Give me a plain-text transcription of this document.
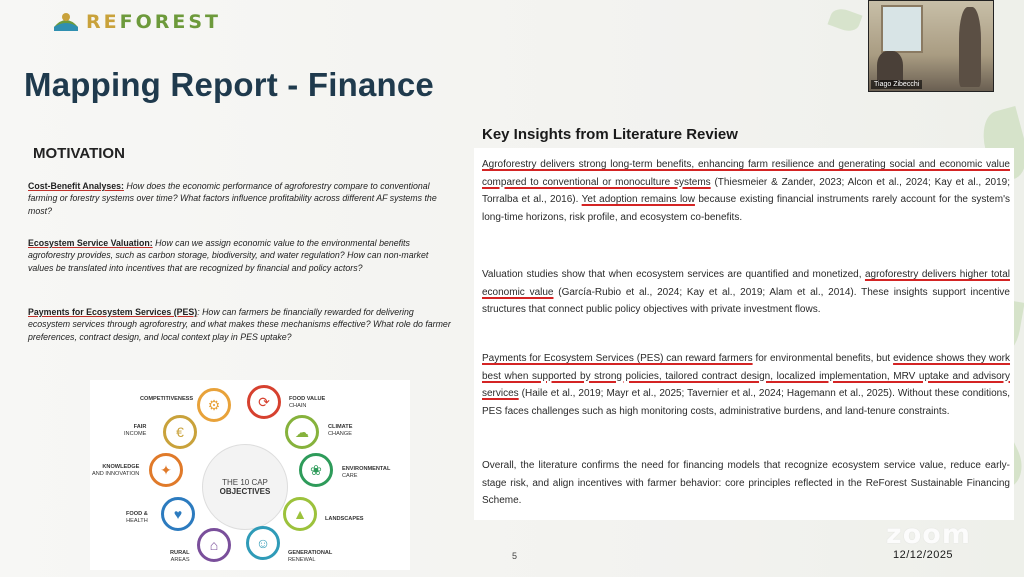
REFOREST
Mapping Report - Finance
MOTIVATION
Cost-Benefit Analyses: How does the economic performance of agroforestry compare to conventional farming or forestry systems over time? What factors influence profitability across different AF systems the most?
Ecosystem Service Valuation: How can we assign economic value to the environmental benefits agroforestry provides, such as carbon storage, biodiversity, and water regulation? How can non-market values be translated into incentives that are recognized by financial and policy actors?
Payments for Ecosystem Services (PES): How can farmers be financially rewarded for delivering ecosystem services through agroforestry, and what makes these mechanisms effective? What role do farmer preferences, contract design, and local context play in PES uptake?
THE 10 CAP
OBJECTIVES
⚙
COMPETITIVENESS	⟳	FOOD VALUE
CHAIN
☁	CLIMATE
CHANGE
❀	ENVIRONMENTAL
CARE
▲	LANDSCAPES
☺
GENERATIONAL
RENEWAL
⌂
RURAL
AREAS
♥
FOOD &
HEALTH
✦
KNOWLEDGE
AND INNOVATION
€
FAIR
INCOME
Key Insights from Literature Review
Agroforestry delivers strong long-term benefits, enhancing farm resilience and generating social and economic value compared to conventional or monoculture systems (Thiesmeier & Zander, 2023; Alcon et al., 2024; Kay et al., 2019; Torralba et al., 2016). Yet adoption remains low because existing financial instruments rarely account for the system's long-time horizons, risk profile, and ecosystem co-benefits.
Valuation studies show that when ecosystem services are quantified and monetized, agroforestry delivers higher total economic value (García-Rubio et al., 2024; Kay et al., 2019; Alam et al., 2014). These insights support incentive structures that connect public policy objectives with private investment flows.
Payments for Ecosystem Services (PES) can reward farmers for environmental benefits, but evidence shows they work best when supported by strong policies, tailored contract design, localized implementation, MRV uptake and advisory services (Haile et al., 2019; Mayr et al., 2025; Tavernier et al., 2024; Hagemann et al., 2025). Without these conditions, PES faces challenges such as high monitoring costs, administrative burdens, and land-tenure constraints.
Overall, the literature confirms the need for financing models that recognize ecosystem service value, reduce early-stage risk, and align incentives with farmer behavior: core principles reflected in the ReForest Sustainable Financing Scheme.
5	12/12/2025
zoom
Tiago Zibecchi
